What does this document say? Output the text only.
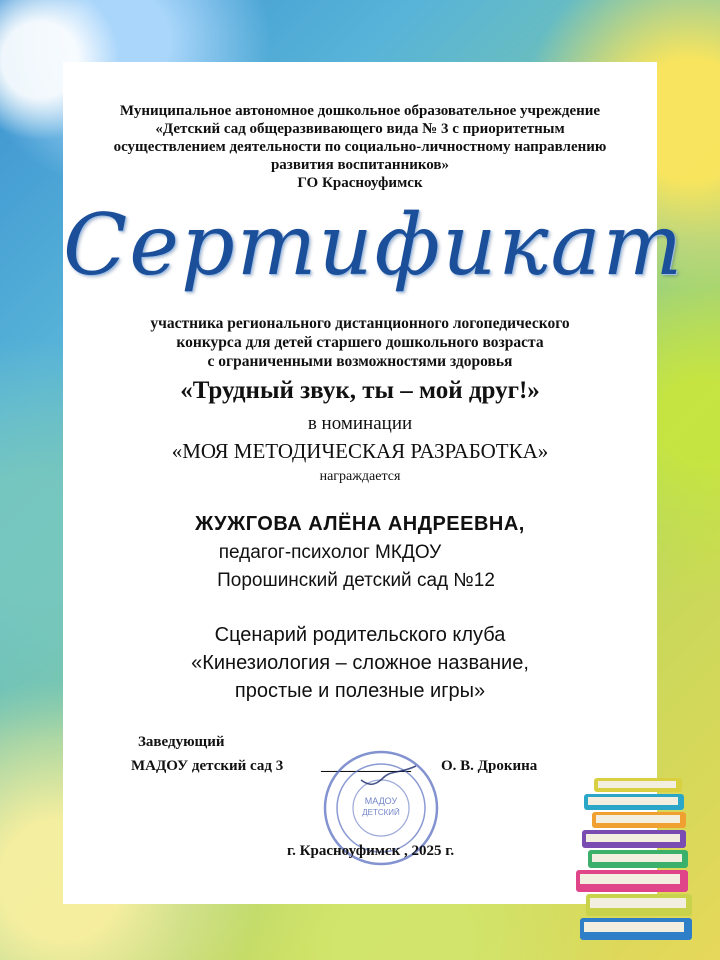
Муниципальное автономное дошкольное образовательное учреждение
«Детский сад общеразвивающего вида № 3 с приоритетным
осуществлением деятельности по социально-личностному направлению
развития воспитанников»
ГО Красноуфимск
Сертификат
участника регионального дистанционного логопедического
конкурса для детей старшего дошкольного возраста
с ограниченными возможностями здоровья
«Трудный звук, ты – мой друг!»
в номинации
«МОЯ МЕТОДИЧЕСКАЯ РАЗРАБОТКА»
награждается
ЖУЖГОВА АЛЁНА АНДРЕЕВНА,
педагог-психолог МКДОУ
Порошинский детский сад №12
Сценарий родительского клуба
«Кинезиология – сложное название,
простые и полезные игры»
Заведующий
МАДОУ детский сад 3	____________ О. В. Дрокина
МАДОУ
ДЕТСКИЙ
г. Красноуфимск , 2025 г.
